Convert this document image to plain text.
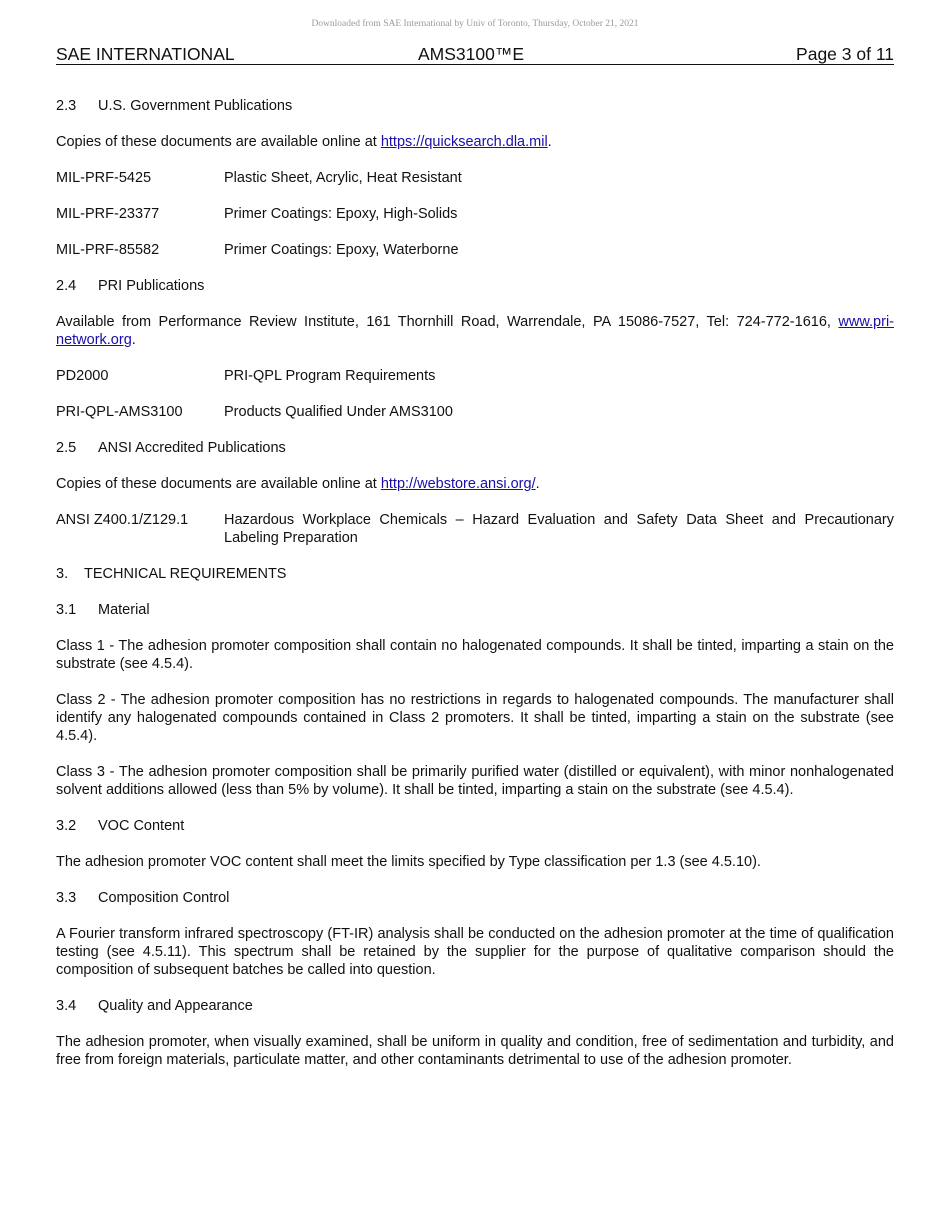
Downloaded from SAE International by Univ of Toronto, Thursday, October 21, 2021
SAE INTERNATIONAL	AMS3100™E	Page 3 of 11
2.3 U.S. Government Publications

Copies of these documents are available online at https://quicksearch.dla.mil.

MIL-PRF-5425	Plastic Sheet, Acrylic, Heat Resistant
MIL-PRF-23377	Primer Coatings: Epoxy, High-Solids
MIL-PRF-85582	Primer Coatings: Epoxy, Waterborne
2.4 PRI Publications

Available from Performance Review Institute, 161 Thornhill Road, Warrendale, PA 15086-7527, Tel: 724-772-1616, www.pri-network.org.

PD2000	PRI-QPL Program Requirements
PRI-QPL-AMS3100	Products Qualified Under AMS3100
2.5 ANSI Accredited Publications

Copies of these documents are available online at http://webstore.ansi.org/.

ANSI Z400.1/Z129.1	Hazardous Workplace Chemicals – Hazard Evaluation and Safety Data Sheet and Precautionary Labeling Preparation
3. TECHNICAL REQUIREMENTS
3.1 Material

Class 1 - The adhesion promoter composition shall contain no halogenated compounds. It shall be tinted, imparting a stain on the substrate (see 4.5.4).

Class 2 - The adhesion promoter composition has no restrictions in regards to halogenated compounds. The manufacturer shall identify any halogenated compounds contained in Class 2 promoters. It shall be tinted, imparting a stain on the substrate (see 4.5.4).

Class 3 - The adhesion promoter composition shall be primarily purified water (distilled or equivalent), with minor nonhalogenated solvent additions allowed (less than 5% by volume). It shall be tinted, imparting a stain on the substrate (see 4.5.4).

3.2 VOC Content

The adhesion promoter VOC content shall meet the limits specified by Type classification per 1.3 (see 4.5.10).

3.3 Composition Control

A Fourier transform infrared spectroscopy (FT-IR) analysis shall be conducted on the adhesion promoter at the time of qualification testing (see 4.5.11). This spectrum shall be retained by the supplier for the purpose of qualitative comparison should the composition of subsequent batches be called into question.

3.4 Quality and Appearance

The adhesion promoter, when visually examined, shall be uniform in quality and condition, free of sedimentation and turbidity, and free from foreign materials, particulate matter, and other contaminants detrimental to use of the adhesion promoter.
